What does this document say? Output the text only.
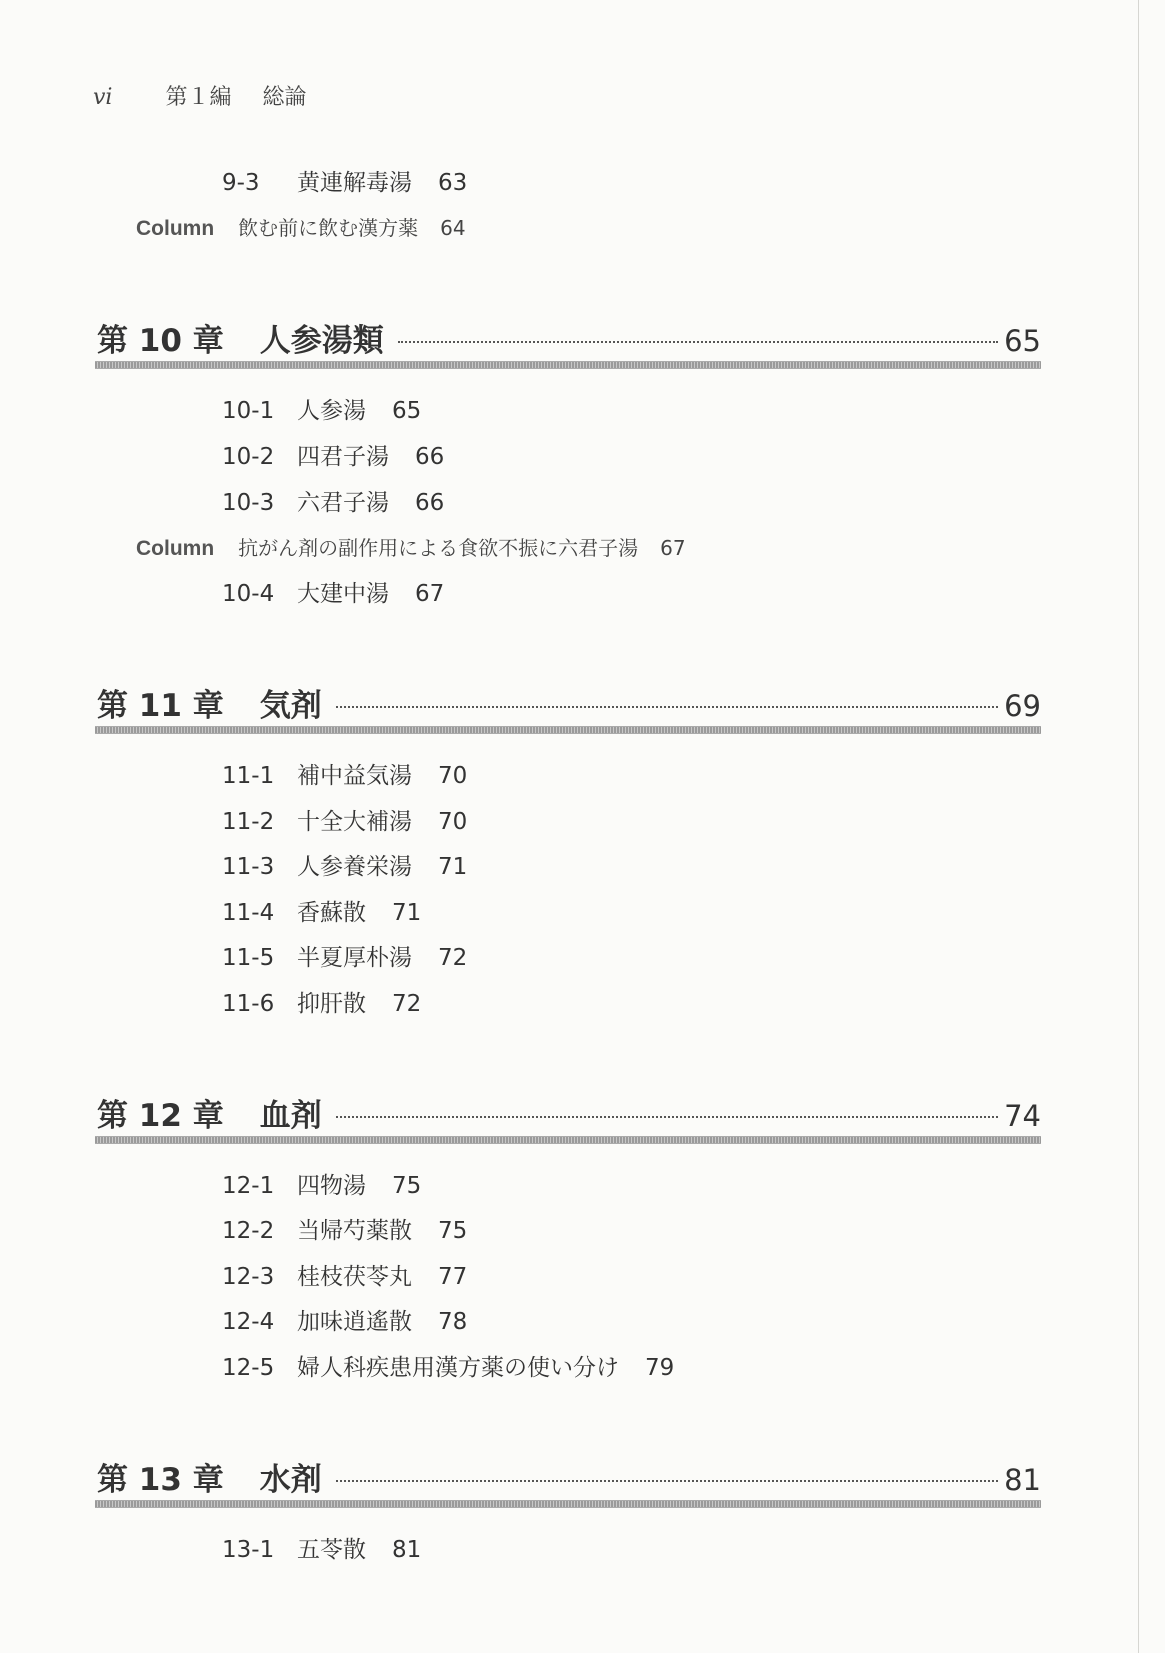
vi 第１編 総論
9-3 黄連解毒湯 63
Column 飲む前に飲む漢方薬 64
第 10 章 人参湯類	65
10-1 人参湯 65
10-2 四君子湯 66
10-3 六君子湯 66
Column 抗がん剤の副作用による食欲不振に六君子湯 67
10-4 大建中湯 67
第 11 章 気剤	69
11-1 補中益気湯 70
11-2 十全大補湯 70
11-3 人参養栄湯 71
11-4 香蘇散 71
11-5 半夏厚朴湯 72
11-6 抑肝散 72
第 12 章 血剤	74
12-1 四物湯 75
12-2 当帰芍薬散 75
12-3 桂枝茯苓丸 77
12-4 加味逍遙散 78
12-5 婦人科疾患用漢方薬の使い分け 79
第 13 章 水剤	81
13-1 五苓散 81
